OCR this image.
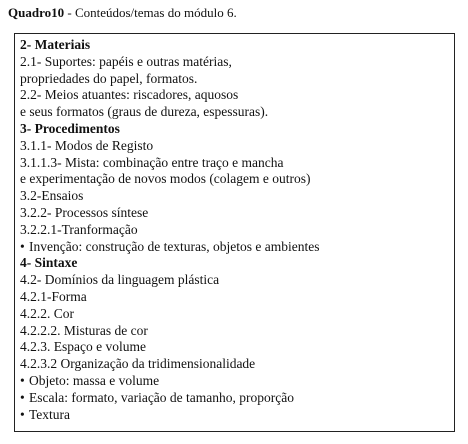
Quadro10 - Conteúdos/temas do módulo 6.
2- Materiais
2.1- Suportes: papéis e outras matérias,
propriedades do papel, formatos.
2.2- Meios atuantes: riscadores, aquosos
e seus formatos (graus de dureza, espessuras).
3- Procedimentos
3.1.1- Modos de Registo
3.1.1.3- Mista: combinação entre traço e mancha
e experimentação de novos modos (colagem e outros)
3.2-Ensaios
3.2.2- Processos síntese
3.2.2.1-Tranformação
• Invenção: construção de texturas, objetos e ambientes
4- Sintaxe
4.2- Domínios da linguagem plástica
4.2.1-Forma
4.2.2. Cor
4.2.2.2. Misturas de cor
4.2.3. Espaço e volume
4.2.3.2 Organização da tridimensionalidade
• Objeto: massa e volume
• Escala: formato, variação de tamanho, proporção
• Textura
